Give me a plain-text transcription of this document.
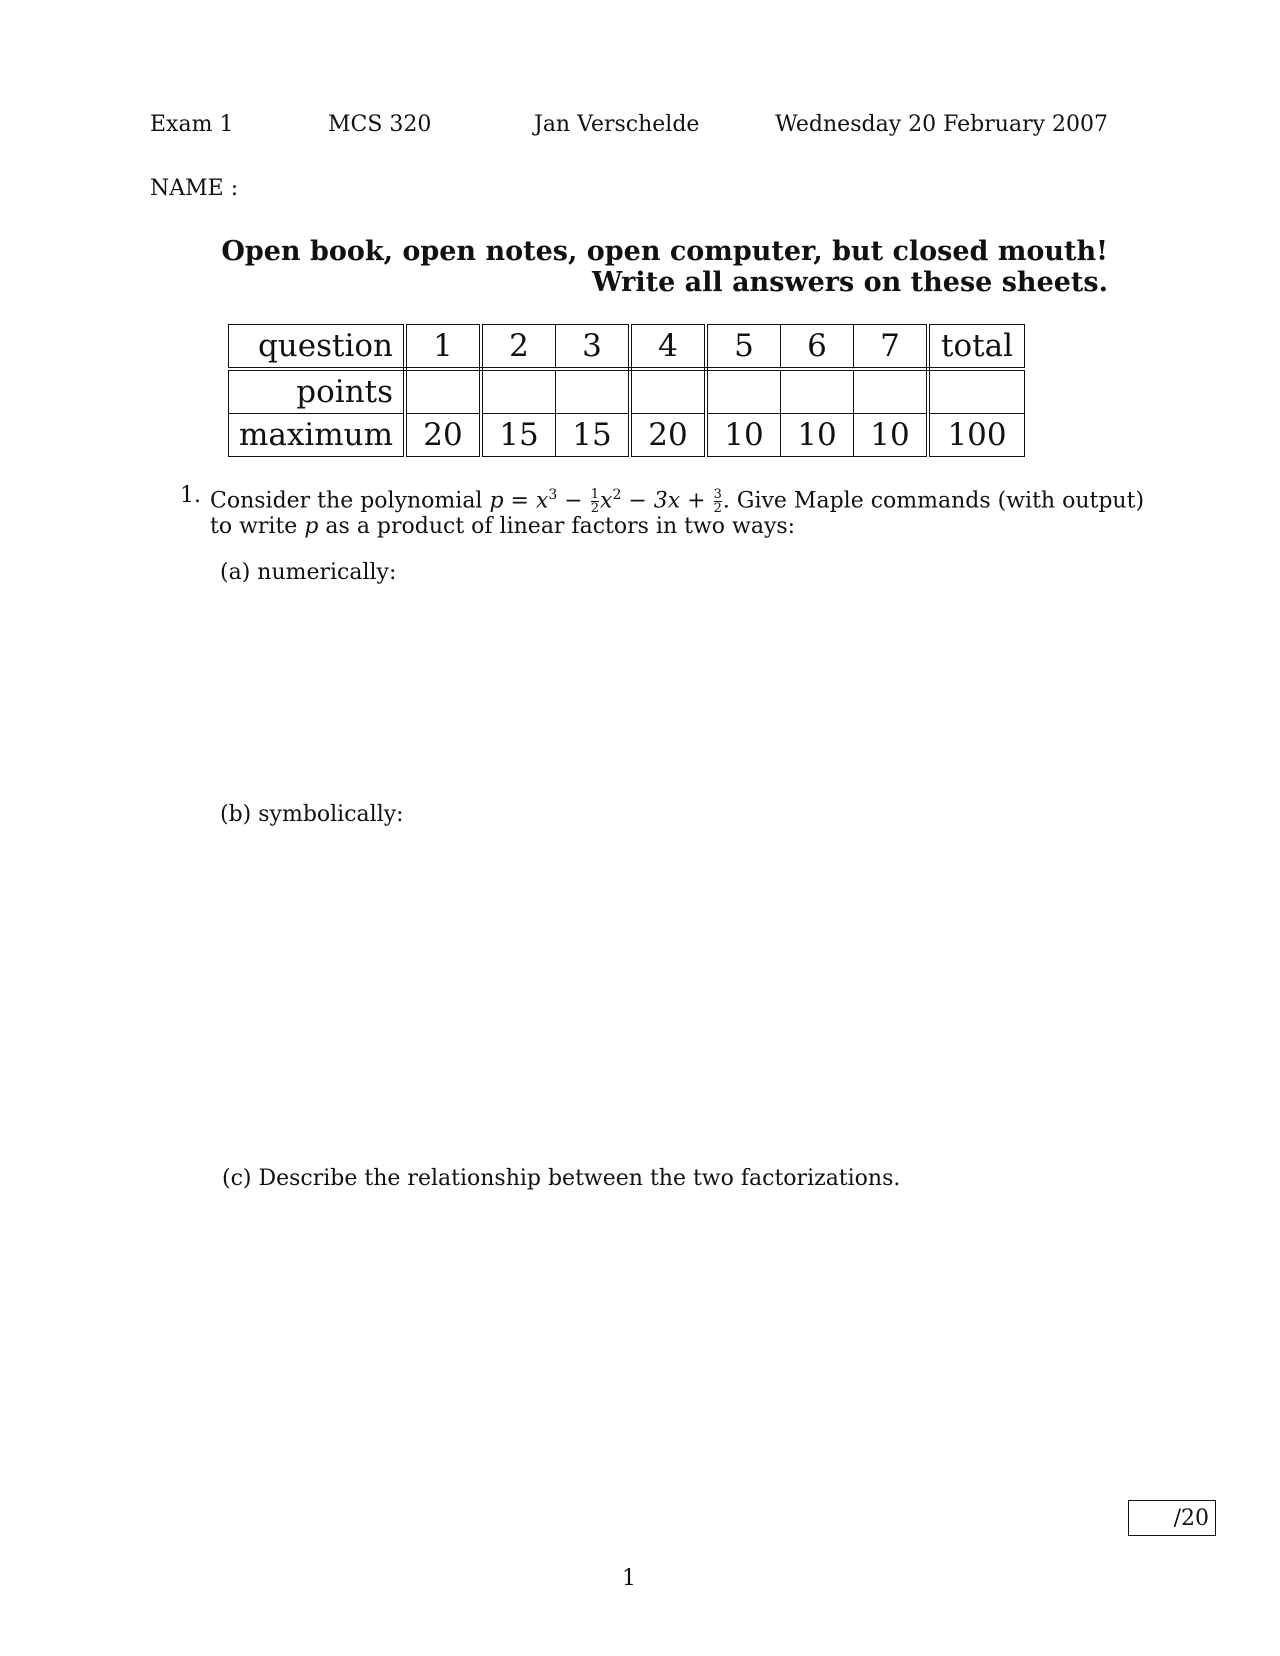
Exam 1	MCS 320	Jan Verschelde	Wednesday 20 February 2007
NAME :
Open book, open notes, open computer, but closed mouth!
Write all answers on these sheets.
question	1	2	3	4	5	6	7	total
points								
maximum	20	15	15	20	10	10	10	100
1. Consider the polynomial $p = x^3 - \frac{1}{2} x^2 - 3x + \frac{3}{2}$ . Give Maple commands (with output)
to write p as a product of linear factors in two ways:
(a) numerically:
(b) symbolically:
(c) Describe the relationship between the two factorizations.
/20
1
